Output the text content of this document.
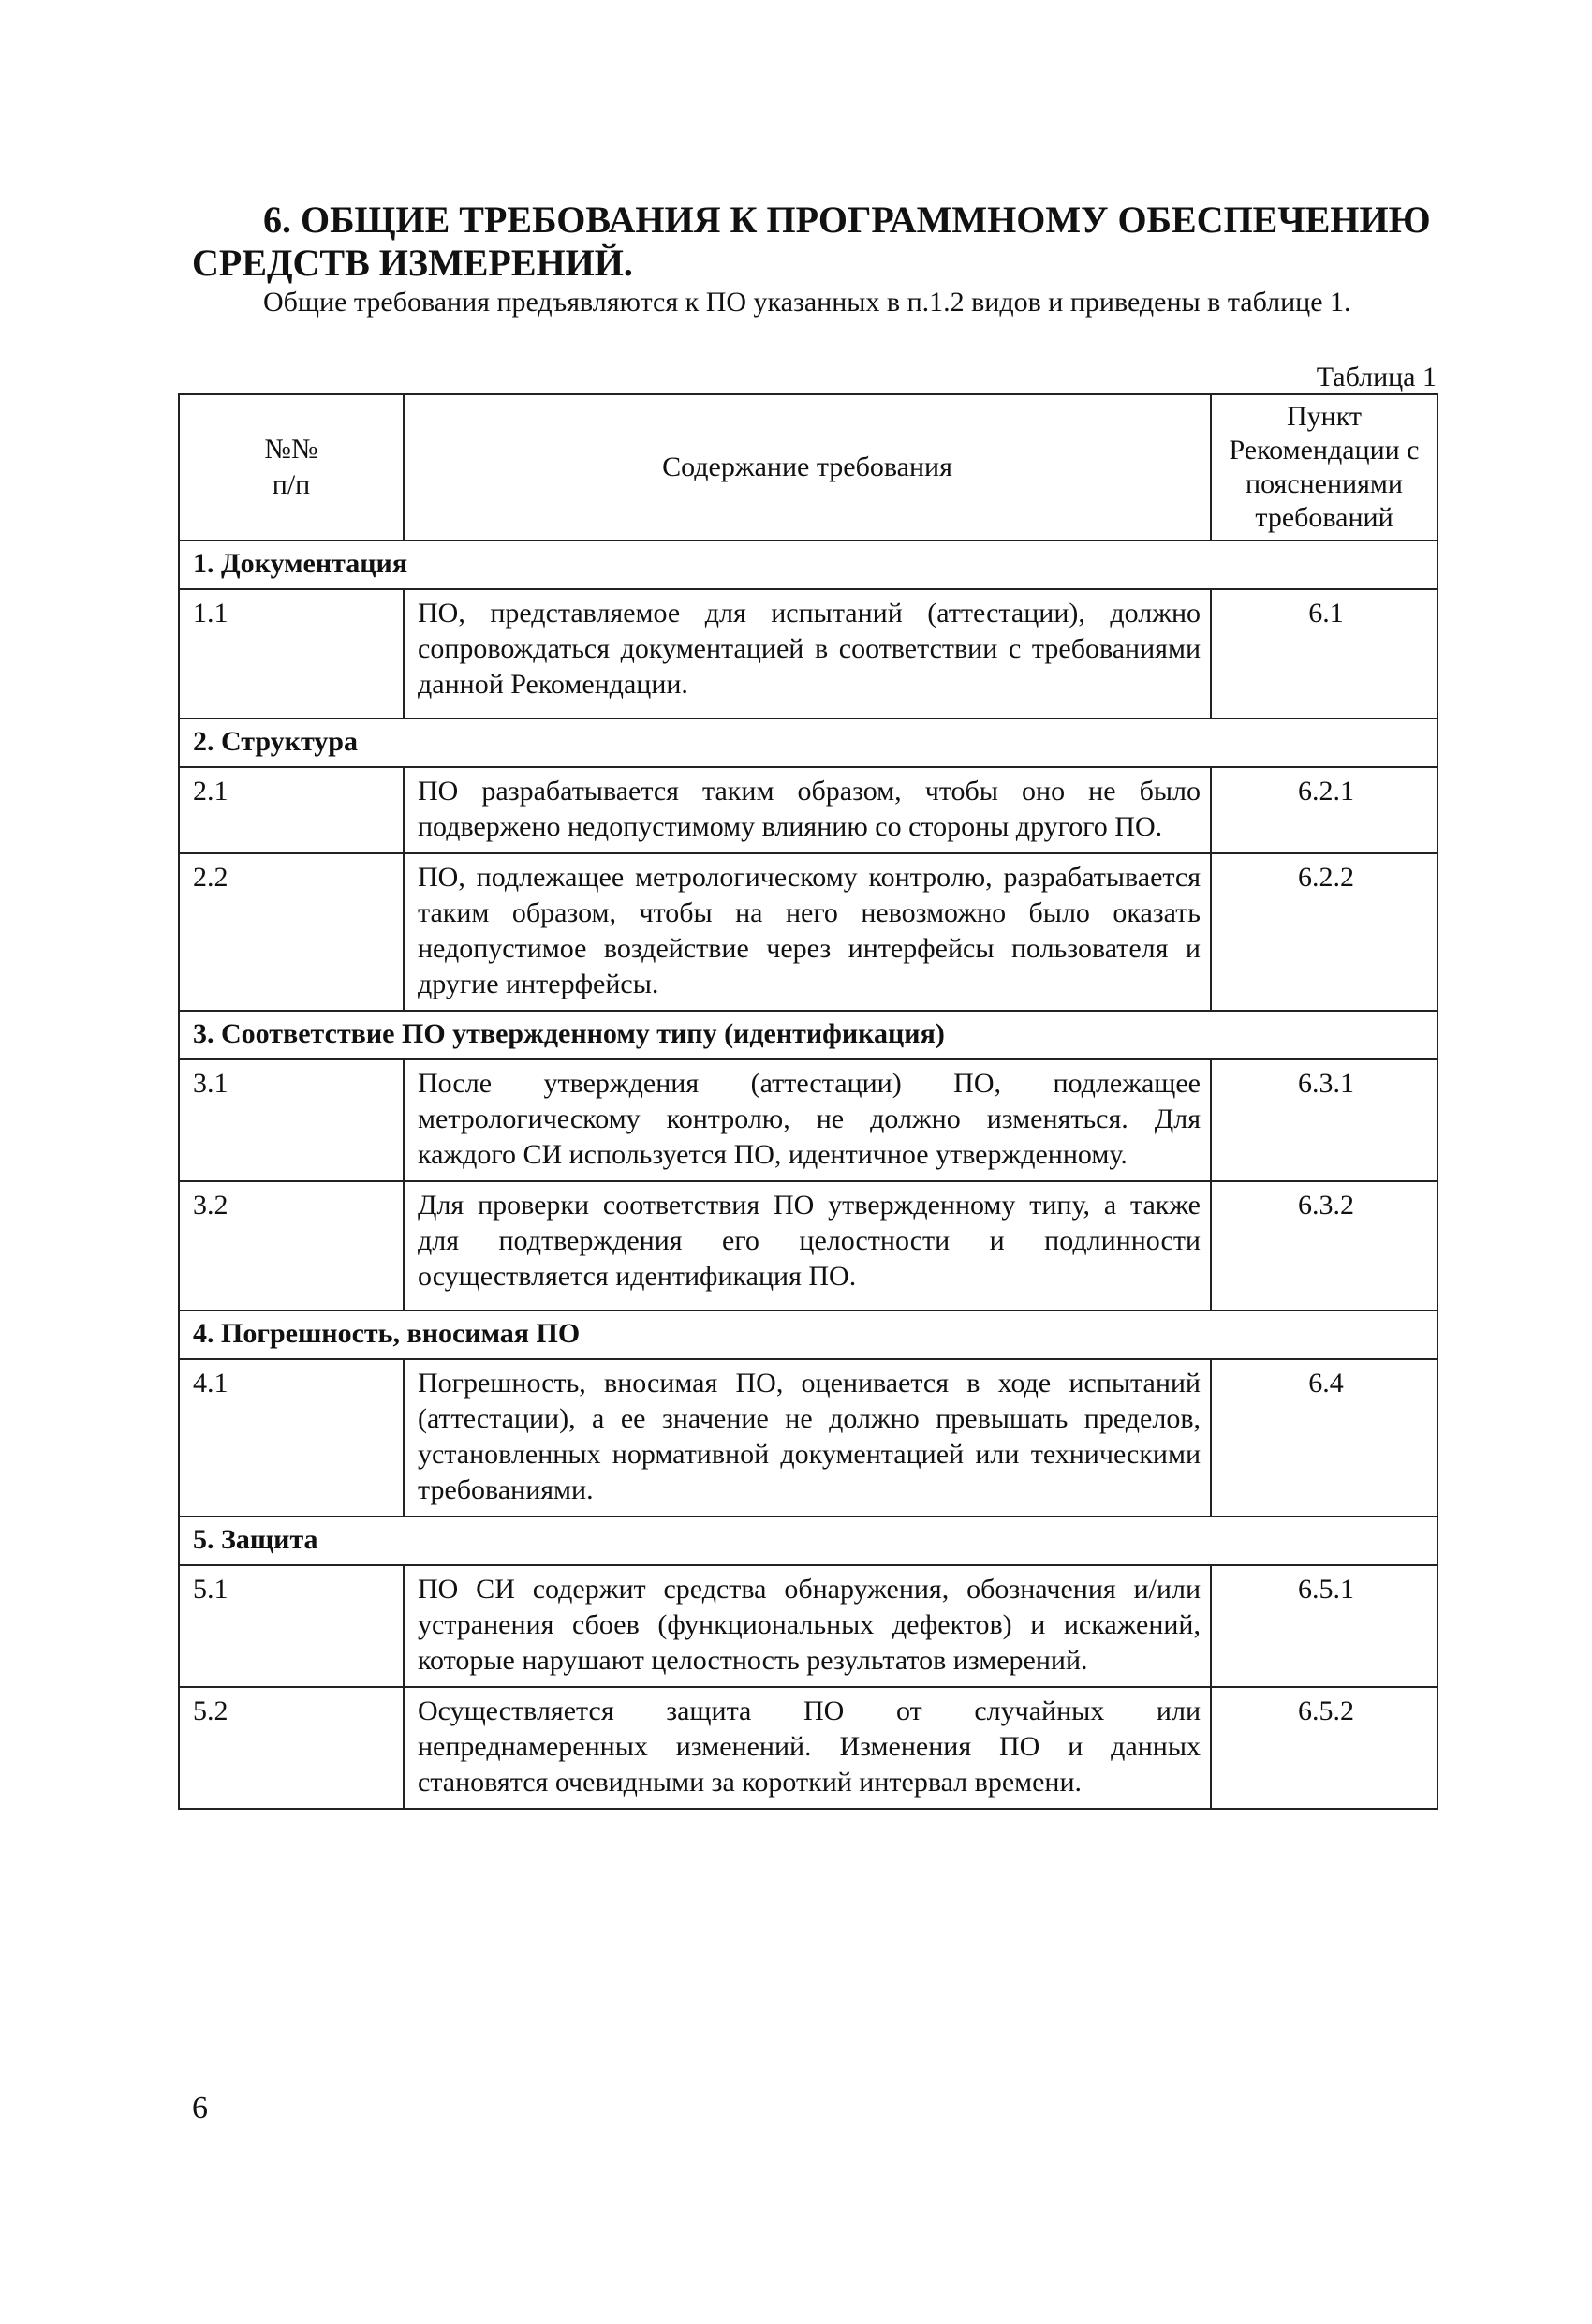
6. ОБЩИЕ ТРЕБОВАНИЯ К ПРОГРАММНОМУ ОБЕСПЕЧЕНИЮ СРЕДСТВ ИЗМЕРЕНИЙ.

Общие требования предъявляются к ПО указанных в п.1.2 видов и приведены в таблице 1.

Таблица 1
№№ п/п	Содержание требования	Пункт Рекомендации с пояснениями требований
1. Документация		
1.1	ПО, представляемое для испытаний (аттестации), должно сопровождаться документацией в соответствии с требованиями данной Рекомендации.	6.1
2. Структура		
2.1	ПО разрабатывается таким образом, чтобы оно не было подвержено недопустимому влиянию со стороны другого ПО.	6.2.1
2.2	ПО, подлежащее метрологическому контролю, разрабатывается таким образом, чтобы на него невозможно было оказать недопустимое воздействие через интерфейсы пользователя и другие интерфейсы.	6.2.2
3. Соответствие ПО утвержденному типу (идентификация)		
3.1	После утверждения (аттестации) ПО, подлежащее метрологическому контролю, не должно изменяться. Для каждого СИ используется ПО, идентичное утвержденному.	6.3.1
3.2	Для проверки соответствия ПО утвержденному типу, а также для подтверждения его целостности и подлинности осуществляется идентификация ПО.	6.3.2
4. Погрешность, вносимая ПО		
4.1	Погрешность, вносимая ПО, оценивается в ходе испытаний (аттестации), а ее значение не должно превышать пределов, установленных нормативной документацией или техническими требованиями.	6.4
5. Защита		
5.1	ПО СИ содержит средства обнаружения, обозначения и/или устранения сбоев (функциональных дефектов) и искажений, которые нарушают целостность результатов измерений.	6.5.1
5.2	Осуществляется защита ПО от случайных или непреднамеренных изменений. Изменения ПО и данных становятся очевидными за короткий интервал времени.	6.5.2
6
